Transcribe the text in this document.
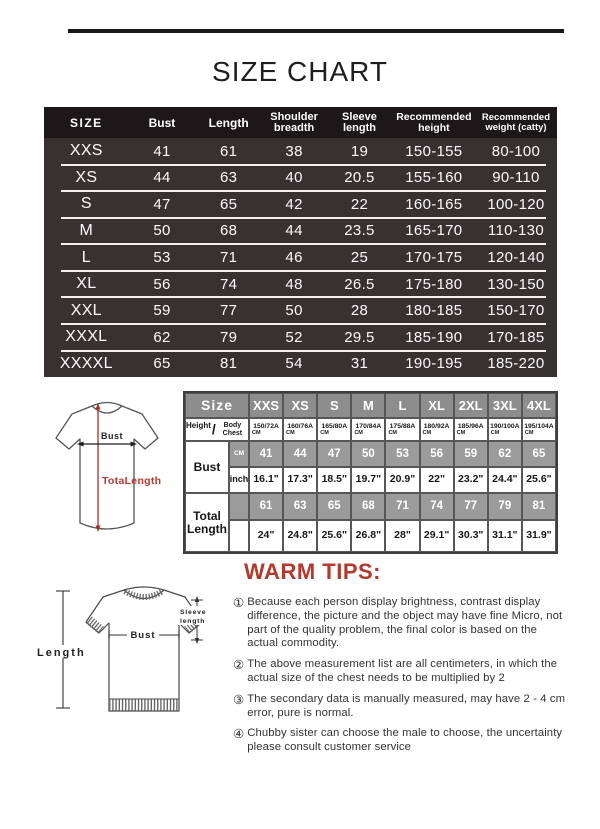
SIZE CHART
SIZE	Bust	Length	Shoulder breadth
Sleeve length
Recommended height
Recommended weight (catty)
XXS	41	61	38	19	150-155	80-100
XS	44	63	40	20.5	155-160	90-110
S	47	65	42	22	160-165	100-120
M	50	68	44	23.5	165-170	110-130
L	53	71	46	25	170-175	120-140
XL	56	74	48	26.5	175-180	130-150
XXL	59	77	50	28	180-185	150-170
XXXL	62	79	52	29.5	185-190	170-185
XXXXL	65	81	54	31	190-195	185-220
Bust
TotaLength
Size	XXS XS	S	M	L	XL	2XL 3XL 4XL
Height /	Body Chest
150/72A
CM
160/76A
CM
165/80A
CM
170/84A
CM
175/88A
CM
180/92A
CM
185/96A
CM
190/100A
CM
195/104A
CM
Bust
CM	41	44	47	50	53	56	59	62	65
inch 16.1" 17.3" 18.5" 19.7" 20.9"	22"	23.2" 24.4" 25.6"
Total Length
61	63	65	68	71	74	77	79	81
24"	24.8" 25.6" 26.8"	28"	29.1" 30.3" 31.1" 31.9"
WARM TIPS:
① Because each person display brightness, contrast display difference, the picture and the object may have fine Micro, not part of the quality problem, the final color is based on the actual commodity.
② The above measurement list are all centimeters, in which the actual size of the chest needs to be multiplied by 2
③ The secondary data is manually measured, may have 2 - 4 cm error, pure is normal.
④ Chubby sister can choose the male to choose, the uncertainty please consult customer service
Length
Bust
Sleeve
length
